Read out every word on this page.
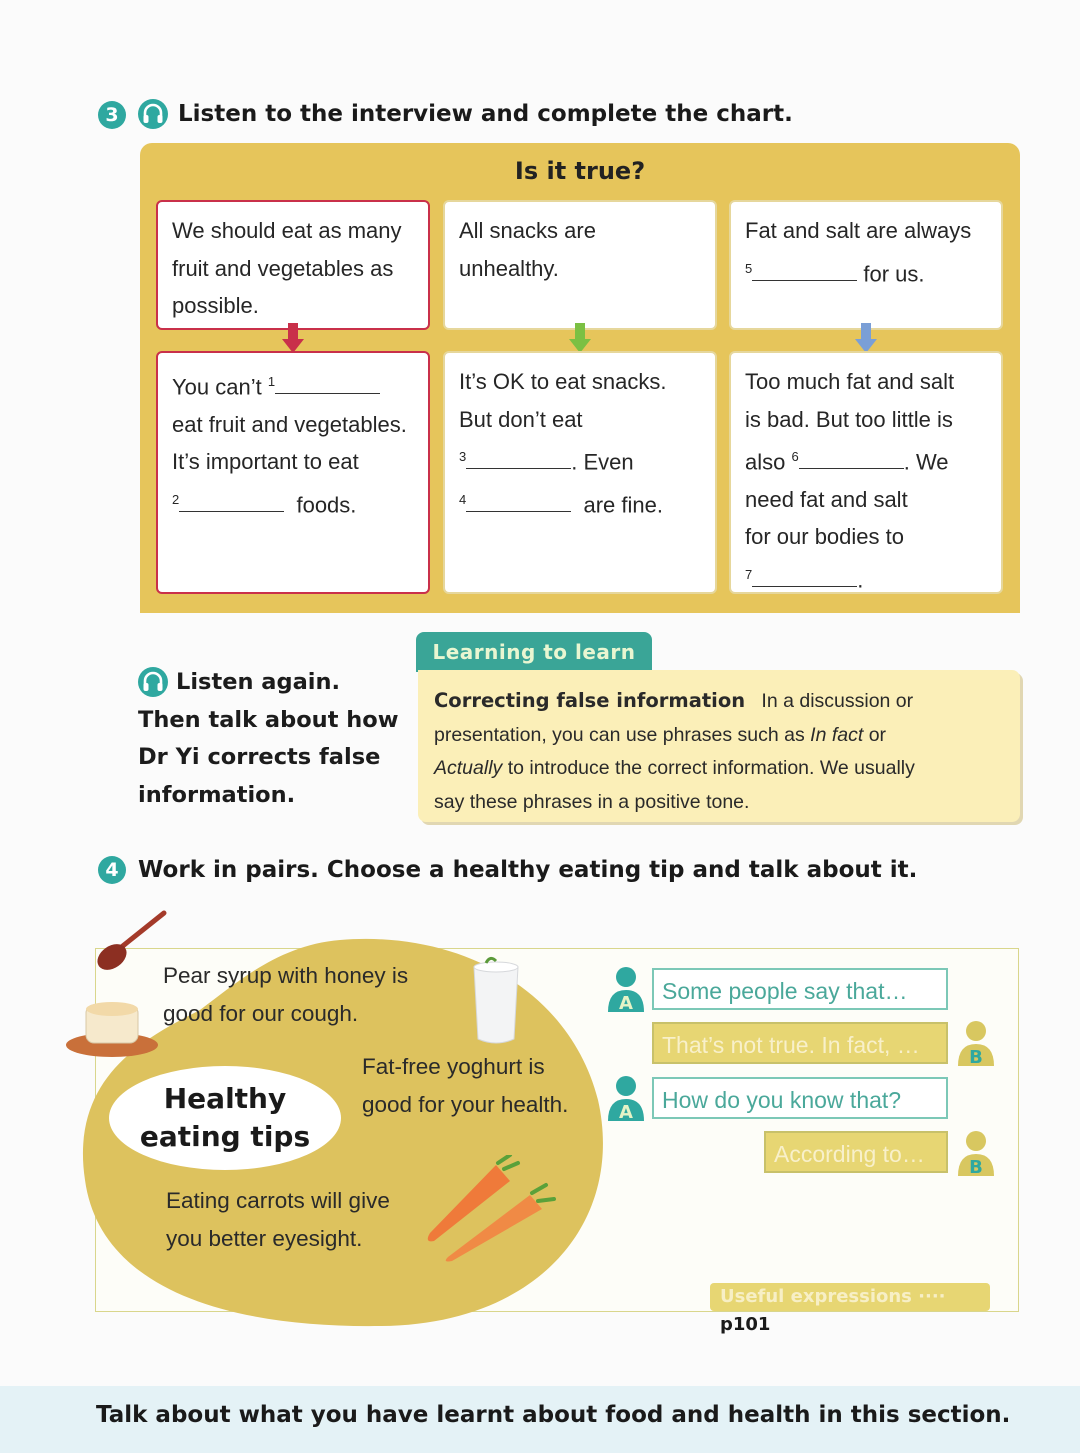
3	Listen to the interview and complete the chart.
Is it true?
We should eat as many fruit and vegetables as possible.
All snacks are unhealthy.
Fat and salt are always
$^5$	for us.
You can’t $^1$
eat fruit and vegetables.
It’s important to eat
$^2$	foods.
It’s OK to eat snacks.
But don’t eat
$^3$	. Even
$^4$	are fine.
Too much fat and salt
is bad. But too little is
also $^6$	. We
need fat and salt
for our bodies to
$^7$	.
Listen again.
Then talk about how
Dr Yi corrects false
information.
Learning to learn
Correcting false information In a discussion or
presentation, you can use phrases such as In fact or
Actually to introduce the correct information. We usually
say these phrases in a positive tone.
4 Work in pairs. Choose a healthy eating tip and talk about it.
Pear syrup with honey is
good for our cough.
Fat-free yoghurt is
good for your health.
Eating carrots will give
you better eyesight.
Healthy
eating tips
A
B
A
B
Some people say that…
That’s not true. In fact, …
How do you know that?
According to…
Useful expressions ···· p101
Talk about what you have learnt about food and health in this section.
